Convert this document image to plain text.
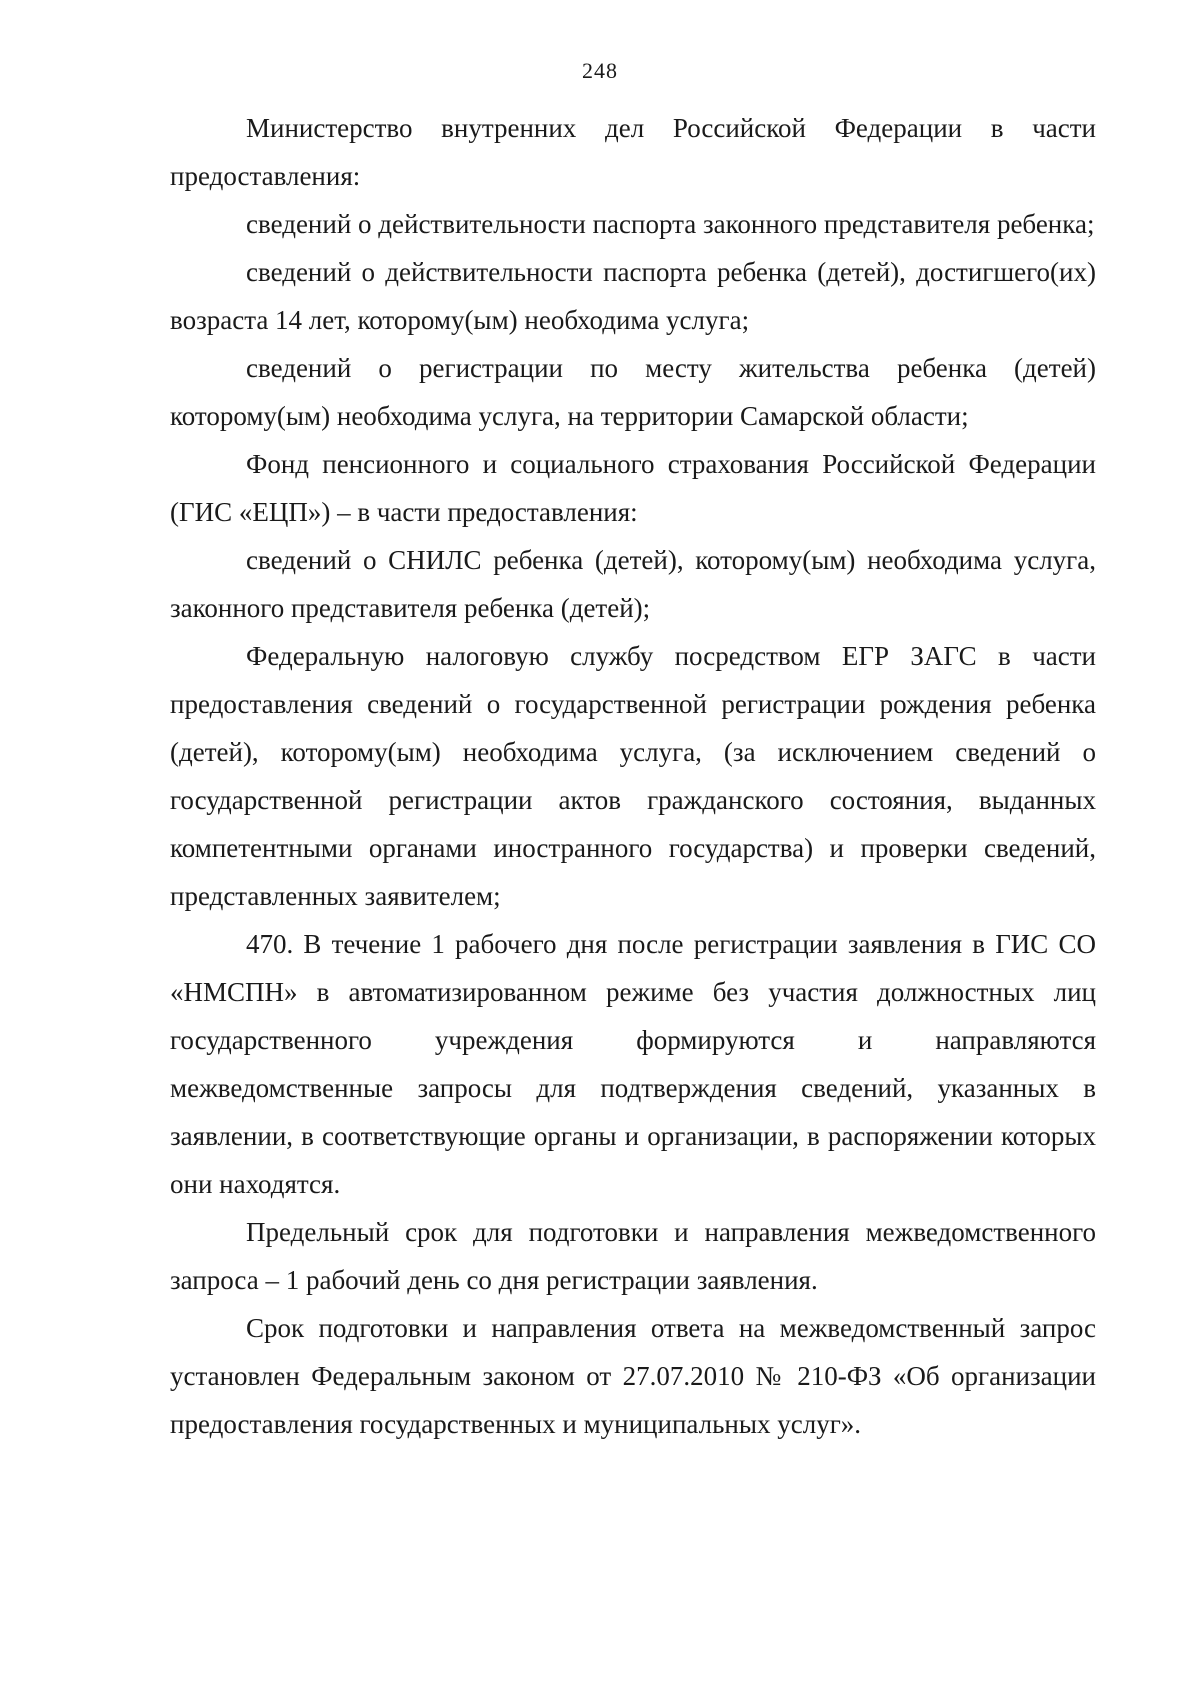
248

Министерство внутренних дел Российской Федерации в части предоставления:

сведений о действительности паспорта законного представителя ребенка;

сведений о действительности паспорта ребенка (детей), достигшего(их) возраста 14 лет, которому(ым) необходима услуга;

сведений о регистрации по месту жительства ребенка (детей) которому(ым) необходима услуга, на территории Самарской области;

Фонд пенсионного и социального страхования Российской Федерации (ГИС «ЕЦП») – в части предоставления:

сведений о СНИЛС ребенка (детей), которому(ым) необходима услуга, законного представителя ребенка (детей);

Федеральную налоговую службу посредством ЕГР ЗАГС в части предоставления сведений о государственной регистрации рождения ребенка (детей), которому(ым) необходима услуга, (за исключением сведений о государственной регистрации актов гражданского состояния, выданных компетентными органами иностранного государства) и проверки сведений, представленных заявителем;

470. В течение 1 рабочего дня после регистрации заявления в ГИС СО «НМСПН» в автоматизированном режиме без участия должностных лиц государственного учреждения формируются и направляются межведомственные запросы для подтверждения сведений, указанных в заявлении, в соответствующие органы и организации, в распоряжении которых они находятся.

Предельный срок для подготовки и направления межведомственного запроса – 1 рабочий день со дня регистрации заявления.

Срок подготовки и направления ответа на межведомственный запрос установлен Федеральным законом от 27.07.2010 № 210-ФЗ «Об организации предоставления государственных и муниципальных услуг».
